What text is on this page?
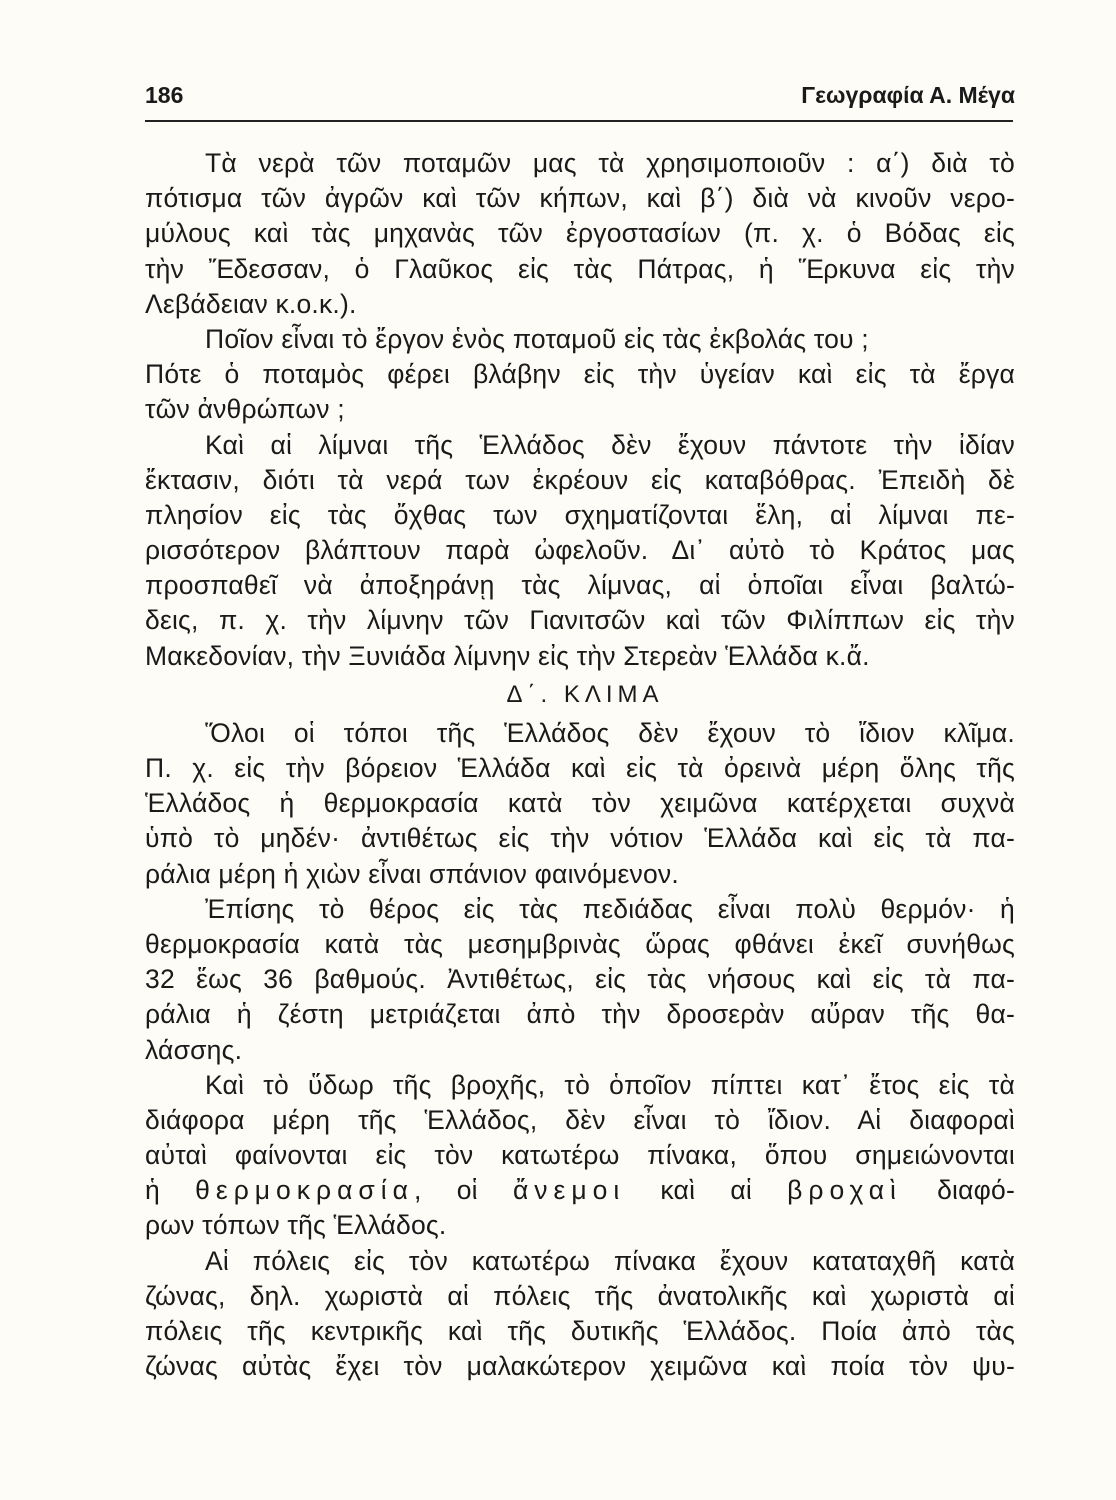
186	Γεωγραφία Α. Μέγα
Τὰ νερὰ τῶν ποταμῶν μας τὰ χρησιμοποιοῦν : α΄) διὰ τὸ
πότισμα τῶν ἀγρῶν καὶ τῶν κήπων, καὶ β΄) διὰ νὰ κινοῦν νερο-
μύλους καὶ τὰς μηχανὰς τῶν ἐργοστασίων (π. χ. ὁ Βόδας εἰς
τὴν Ἔδεσσαν, ὁ Γλαῦκος εἰς τὰς Πάτρας, ἡ Ἕρκυνα εἰς τὴν
Λεβάδειαν κ.ο.κ.).
Ποῖον εἶναι τὸ ἔργον ἑνὸς ποταμοῦ εἰς τὰς ἐκβολάς του ;
Πότε ὁ ποταμὸς φέρει βλάβην εἰς τὴν ὑγείαν καὶ εἰς τὰ ἔργα
τῶν ἀνθρώπων ;
Καὶ αἱ λίμναι τῆς Ἑλλάδος δὲν ἔχουν πάντοτε τὴν ἰδίαν
ἔκτασιν, διότι τὰ νερά των ἐκρέουν εἰς καταβόθρας. Ἐπειδὴ δὲ
πλησίον εἰς τὰς ὄχθας των σχηματίζονται ἕλη, αἱ λίμναι πε-
ρισσότερον βλάπτουν παρὰ ὠφελοῦν. Δι᾽ αὐτὸ τὸ Κράτος μας
προσπαθεῖ νὰ ἀποξηράνῃ τὰς λίμνας, αἱ ὁποῖαι εἶναι βαλτώ-
δεις, π. χ. τὴν λίμνην τῶν Γιανιτσῶν καὶ τῶν Φιλίππων εἰς τὴν
Μακεδονίαν, τὴν Ξυνιάδα λίμνην εἰς τὴν Στερεὰν Ἑλλάδα κ.ἄ.
Δ΄. ΚΛΙΜΑ
Ὅλοι οἱ τόποι τῆς Ἑλλάδος δὲν ἔχουν τὸ ἴδιον κλῖμα.
Π. χ. εἰς τὴν βόρειον Ἑλλάδα καὶ εἰς τὰ ὀρεινὰ μέρη ὅλης τῆς
Ἑλλάδος ἡ θερμοκρασία κατὰ τὸν χειμῶνα κατέρχεται συχνὰ
ὑπὸ τὸ μηδέν· ἀντιθέτως εἰς τὴν νότιον Ἑλλάδα καὶ εἰς τὰ πα-
ράλια μέρη ἡ χιὼν εἶναι σπάνιον φαινόμενον.
Ἐπίσης τὸ θέρος εἰς τὰς πεδιάδας εἶναι πολὺ θερμόν· ἡ
θερμοκρασία κατὰ τὰς μεσημβρινὰς ὥρας φθάνει ἐκεῖ συνήθως
32 ἕως 36 βαθμούς. Ἀντιθέτως, εἰς τὰς νήσους καὶ εἰς τὰ πα-
ράλια ἡ ζέστη μετριάζεται ἀπὸ τὴν δροσερὰν αὔραν τῆς θα-
λάσσης.
Καὶ τὸ ὕδωρ τῆς βροχῆς, τὸ ὁποῖον πίπτει κατ᾽ ἔτος εἰς τὰ
διάφορα μέρη τῆς Ἑλλάδος, δὲν εἶναι τὸ ἴδιον. Αἱ διαφοραὶ
αὐταὶ φαίνονται εἰς τὸν κατωτέρω πίνακα, ὅπου σημειώνονται
ἡ θερμοκρασία, οἱ ἄνεμοι καὶ αἱ βροχαὶ διαφό-
ρων τόπων τῆς Ἑλλάδος.
Αἱ πόλεις εἰς τὸν κατωτέρω πίνακα ἔχουν καταταχθῆ κατὰ
ζώνας, δηλ. χωριστὰ αἱ πόλεις τῆς ἀνατολικῆς καὶ χωριστὰ αἱ
πόλεις τῆς κεντρικῆς καὶ τῆς δυτικῆς Ἑλλάδος. Ποία ἀπὸ τὰς
ζώνας αὐτὰς ἔχει τὸν μαλακώτερον χειμῶνα καὶ ποία τὸν ψυ-
